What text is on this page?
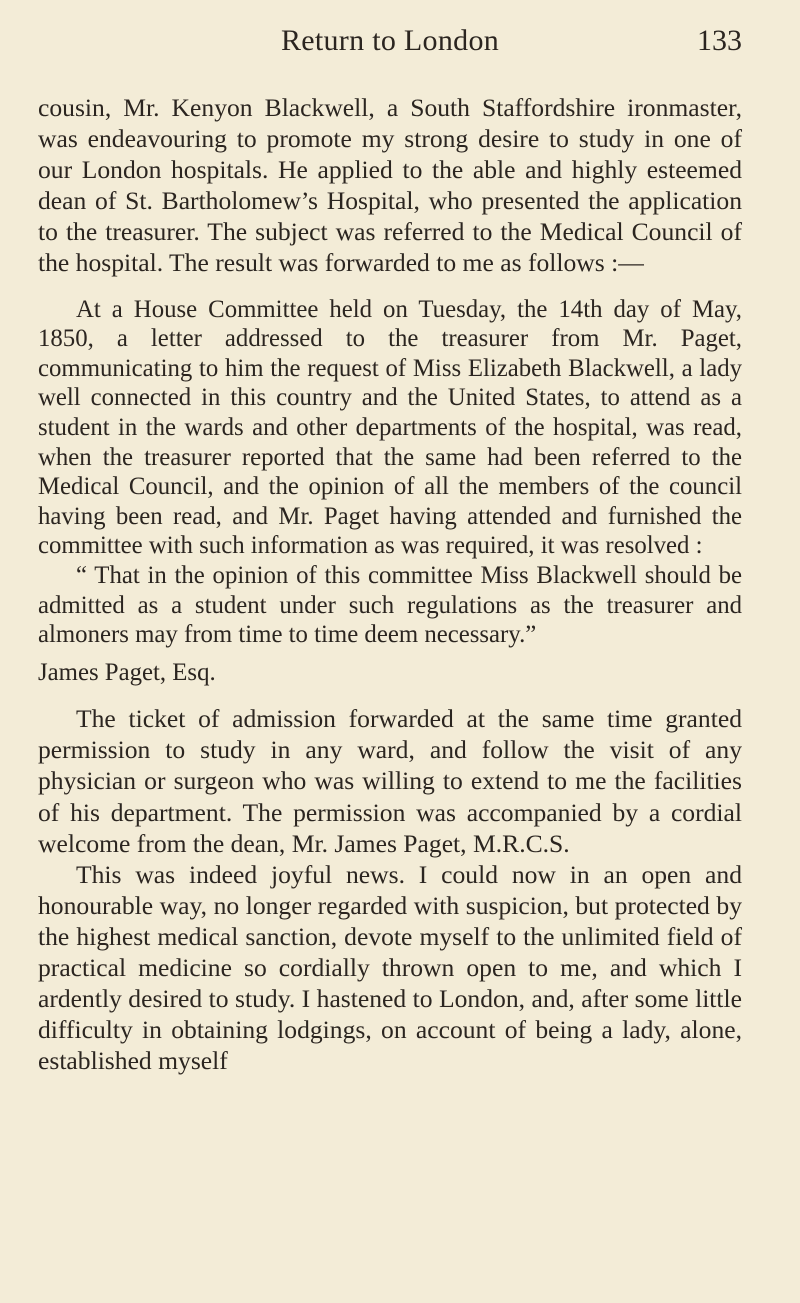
Return to London	133

cousin, Mr. Kenyon Blackwell, a South Staffordshire ironmaster, was endeavouring to promote my strong desire to study in one of our London hospitals. He applied to the able and highly esteemed dean of St. Bartholomew’s Hospital, who presented the application to the treasurer. The subject was referred to the Medical Council of the hospital. The result was forwarded to me as follows :—

At a House Committee held on Tuesday, the 14th day of May, 1850, a letter addressed to the treasurer from Mr. Paget, communicating to him the request of Miss Elizabeth Blackwell, a lady well connected in this country and the United States, to attend as a student in the wards and other departments of the hospital, was read, when the treasurer reported that the same had been referred to the Medical Council, and the opinion of all the members of the council having been read, and Mr. Paget having attended and furnished the committee with such information as was required, it was resolved :

“ That in the opinion of this committee Miss Blackwell should be admitted as a student under such regulations as the treasurer and almoners may from time to time deem necessary.”

James Paget, Esq.

The ticket of admission forwarded at the same time granted permission to study in any ward, and follow the visit of any physician or surgeon who was willing to extend to me the facilities of his department. The permission was accompanied by a cordial welcome from the dean, Mr. James Paget, M.R.C.S.

This was indeed joyful news. I could now in an open and honourable way, no longer regarded with suspicion, but protected by the highest medical sanction, devote myself to the unlimited field of practical medicine so cordially thrown open to me, and which I ardently desired to study. I hastened to London, and, after some little difficulty in obtaining lodgings, on account of being a lady, alone, established myself
